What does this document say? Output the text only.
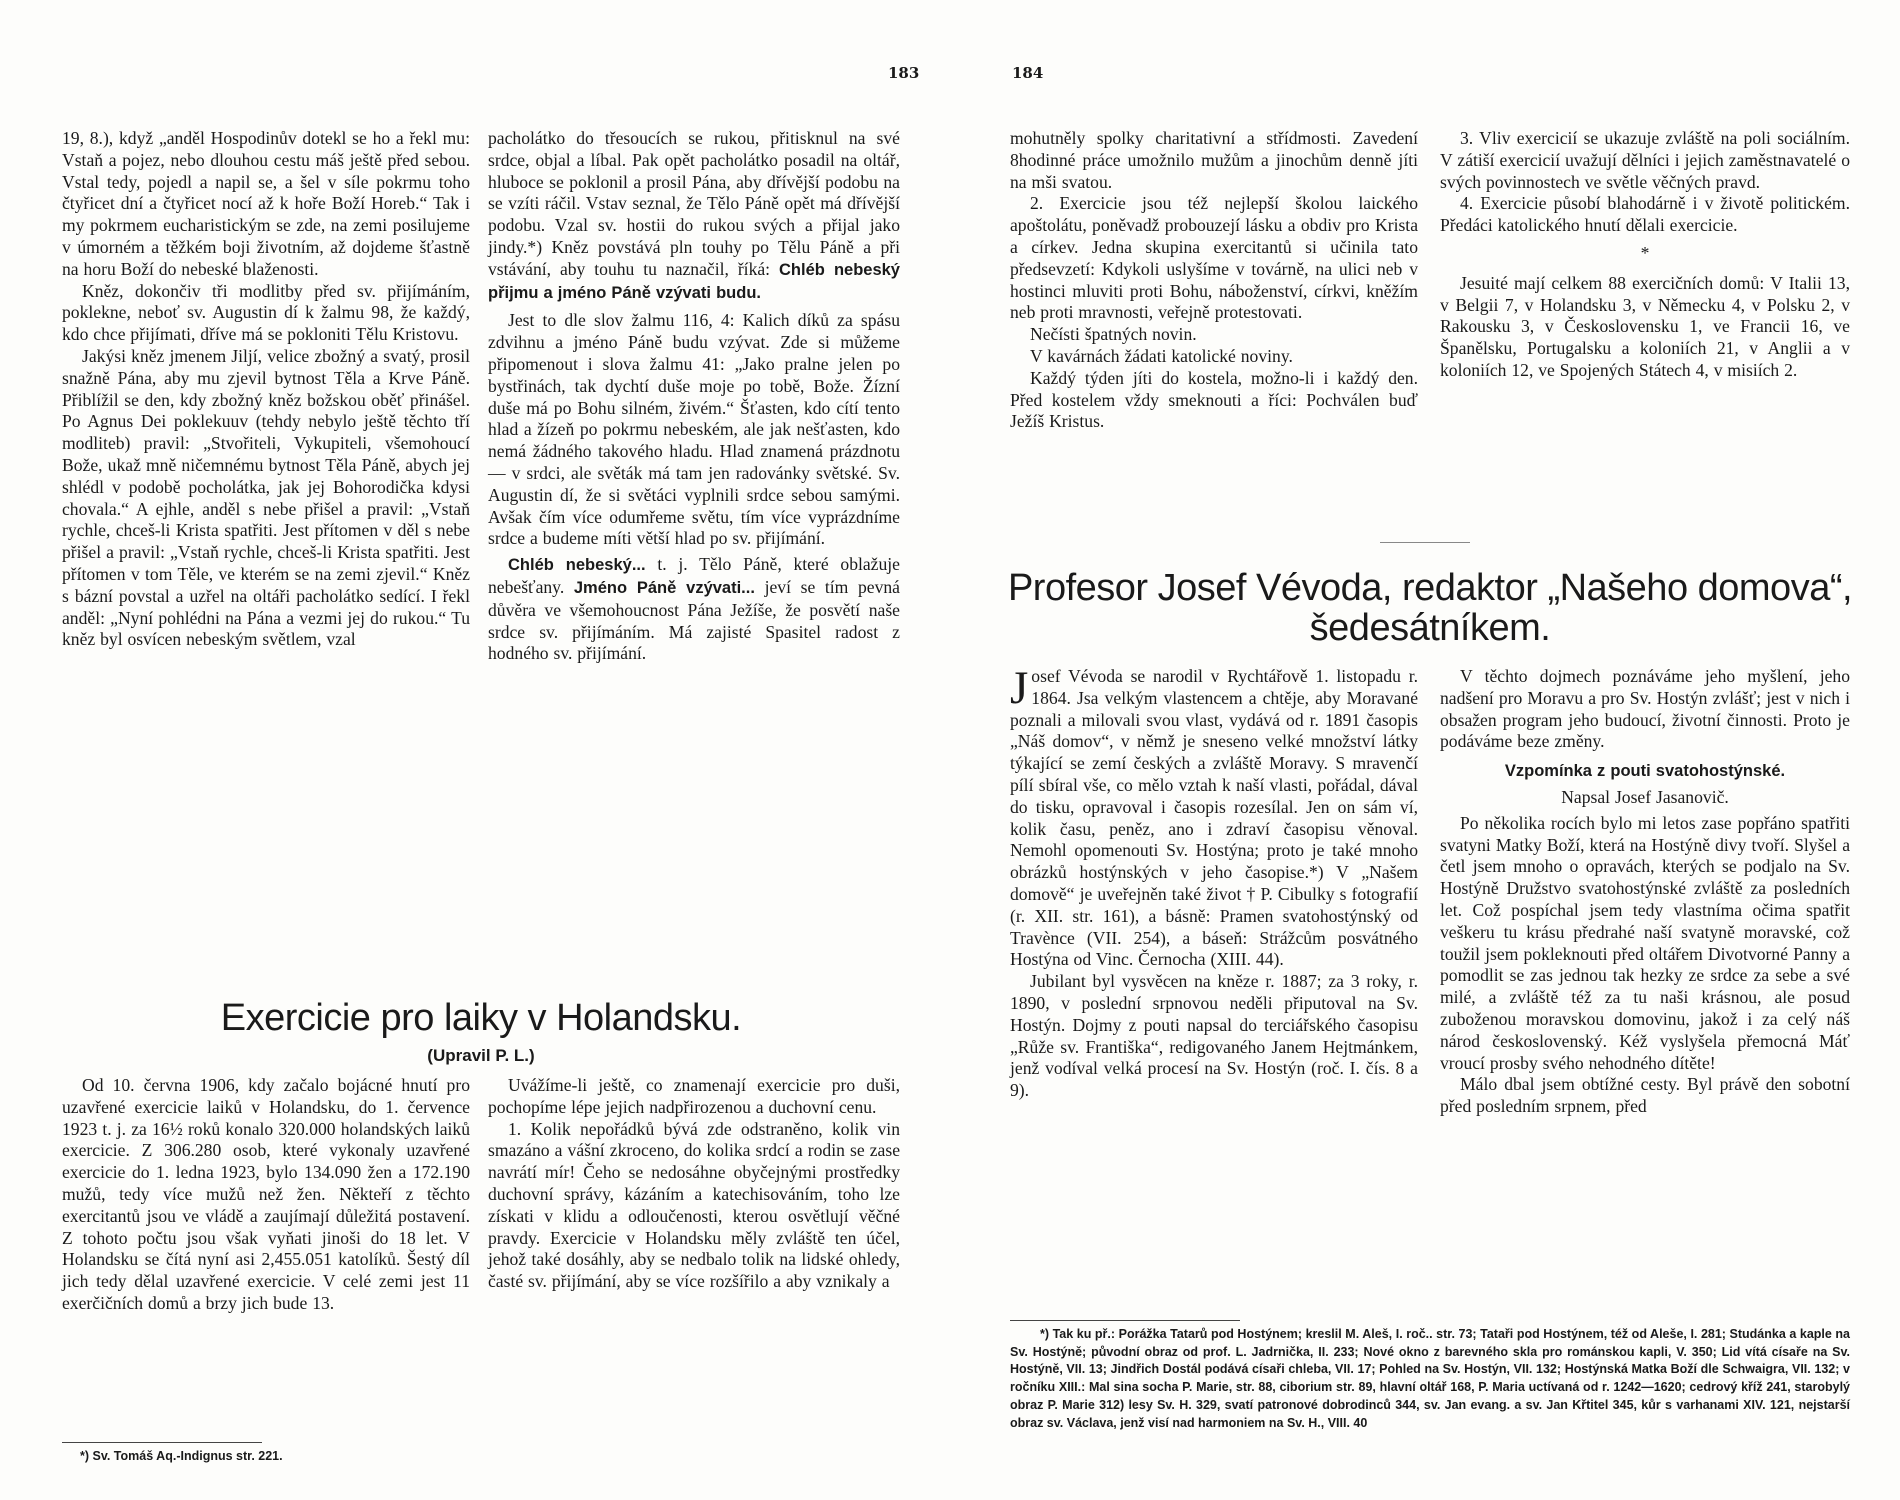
183	184

19, 8.), když „anděl Hospodinův dotekl se ho a řekl mu: Vstaň a pojez, nebo dlouhou cestu máš ještě před sebou. Vstal tedy, pojedl a napil se, a šel v síle pokrmu toho čtyřicet dní a čtyřicet nocí až k hoře Boží Horeb.“ Tak i my pokrmem eucharistickým se zde, na zemi posilujeme v úmorném a těžkém boji životním, až dojdeme šťastně na horu Boží do nebeské blaženosti.

Kněz, dokončiv tři modlitby před sv. přijímáním, poklekne, neboť sv. Augustin dí k žalmu 98, že každý, kdo chce přijímati, dříve má se pokloniti Tělu Kristovu.

Jakýsi kněz jmenem Jiljí, velice zbožný a svatý, prosil snažně Pána, aby mu zjevil bytnost Těla a Krve Páně. Přiblížil se den, kdy zbožný kněz božskou oběť přinášel. Po Agnus Dei poklekuuv (tehdy nebylo ještě těchto tří modliteb) pravil: „Stvořiteli, Vykupiteli, všemohoucí Bože, ukaž mně ničemnému bytnost Těla Páně, abych jej shlédl v podobě pocholátka, jak jej Bohorodička kdysi chovala.“ A ejhle, anděl s nebe přišel a pravil: „Vstaň rychle, chceš-li Krista spatřiti. Jest přítomen v děl s nebe přišel a pravil: „Vstaň rychle, chceš-li Krista spatřiti. Jest přítomen v tom Těle, ve kterém se na zemi zjevil.“ Kněz s bázní povstal a uzřel na oltáři pacholátko sedící. I řekl anděl: „Nyní pohlédni na Pána a vezmi jej do rukou.“ Tu kněz byl osvícen nebeským světlem, vzal

pacholátko do třesoucích se rukou, přitisknul na své srdce, objal a líbal. Pak opět pacholátko posadil na oltář, hluboce se poklonil a prosil Pána, aby dřívější podobu na se vzíti ráčil. Vstav seznal, že Tělo Páně opět má dřívější podobu. Vzal sv. hostii do rukou svých a přijal jako jindy.*) Kněz povstává pln touhy po Tělu Páně a při vstávání, aby touhu tu naznačil, říká: Chléb nebeský přijmu a jméno Páně vzývati budu.

Jest to dle slov žalmu 116, 4: Kalich díků za spásu zdvihnu a jméno Páně budu vzývat. Zde si můžeme připomenout i slova žalmu 41: „Jako pralne jelen po bystřinách, tak dychtí duše moje po tobě, Bože. Žízní duše má po Bohu silném, živém.“ Šťasten, kdo cítí tento hlad a žízeň po pokrmu nebeském, ale jak nešťasten, kdo nemá žádného takového hladu. Hlad znamená prázdnotu — v srdci, ale světák má tam jen radovánky světské. Sv. Augustin dí, že si světáci vyplnili srdce sebou samými. Avšak čím více odumřeme světu, tím více vyprázdníme srdce a budeme míti větší hlad po sv. přijímání.

Chléb nebeský... t. j. Tělo Páně, které oblažuje nebešťany. Jméno Páně vzývati... jeví se tím pevná důvěra ve všemohoucnost Pána Ježíše, že posvětí naše srdce sv. přijímáním. Má zajisté Spasitel radost z hodného sv. přijímání.

Exercicie pro laiky v Holandsku.
(Upravil P. L.)

Od 10. června 1906, kdy začalo bojácné hnutí pro uzavřené exercicie laiků v Holandsku, do 1. července 1923 t. j. za 16½ roků konalo 320.000 holandských laiků exercicie. Z 306.280 osob, které vykonaly uzavřené exercicie do 1. ledna 1923, bylo 134.090 žen a 172.190 mužů, tedy více mužů než žen. Někteří z těchto exercitantů jsou ve vládě a zaujímají důležitá postavení. Z tohoto počtu jsou však vyňati jinoši do 18 let. V Holandsku se čítá nyní asi 2,455.051 katolíků. Šestý díl jich tedy dělal uzavřené exercicie. V celé zemi jest 11 exerčičních domů a brzy jich bude 13.

Uvážíme-li ještě, co znamenají exercicie pro duši, pochopíme lépe jejich nadpřirozenou a duchovní cenu.

1. Kolik nepořádků bývá zde odstraněno, kolik vin smazáno a vášní zkroceno, do kolika srdcí a rodin se zase navrátí mír! Čeho se nedosáhne obyčejnými prostředky duchovní správy, kázáním a katechisováním, toho lze získati v klidu a odloučenosti, kterou osvětlují věčné pravdy. Exercicie v Holandsku měly zvláště ten účel, jehož také dosáhly, aby se nedbalo tolik na lidské ohledy, časté sv. přijímání, aby se více rozšířilo a aby vznikaly a

*) Sv. Tomáš Aq.-Indignus str. 221.

mohutněly spolky charitativní a střídmosti. Zavedení 8hodinné práce umožnilo mužům a jinochům denně jíti na mši svatou.

2. Exercicie jsou též nejlepší školou laického apoštolátu, poněvadž probouzejí lásku a obdiv pro Krista a církev. Jedna skupina exercitantů si učinila tato předsevzetí: Kdykoli uslyšíme v továrně, na ulici neb v hostinci mluviti proti Bohu, náboženství, církvi, kněžím neb proti mravnosti, veřejně protestovati.

Nečísti špatných novin.

V kavárnách žádati katolické noviny.

Každý týden jíti do kostela, možno-li i každý den. Před kostelem vždy smeknouti a říci: Pochválen buď Ježíš Kristus.

3. Vliv exercicií se ukazuje zvláště na poli sociálním. V zátiší exercicií uvažují dělníci i jejich zaměstnavatelé o svých povinnostech ve světle věčných pravd.

4. Exercicie působí blahodárně i v životě politickém. Předáci katolického hnutí dělali exercicie.

*

Jesuité mají celkem 88 exercičních domů: V Italii 13, v Belgii 7, v Holandsku 3, v Německu 4, v Polsku 2, v Rakousku 3, v Československu 1, ve Francii 16, ve Španělsku, Portugalsku a koloniích 21, v Anglii a v koloniích 12, ve Spojených Státech 4, v misiích 2.

Profesor Josef Vévoda, redaktor „Našeho domova“,
šedesátníkem.

Josef Vévoda se narodil v Rychtářově 1. listopadu r. 1864. Jsa velkým vlastencem a chtěje, aby Moravané poznali a milovali svou vlast, vydává od r. 1891 časopis „Náš domov“, v němž je sneseno velké množství látky týkající se zemí českých a zvláště Moravy. S mravenčí pílí sbíral vše, co mělo vztah k naší vlasti, pořádal, dával do tisku, opravoval i časopis rozesílal. Jen on sám ví, kolik času, peněz, ano i zdraví časopisu věnoval. Nemohl opomenouti Sv. Hostýna; proto je také mnoho obrázků hostýnských v jeho časopise.*) V „Našem domově“ je uveřejněn také život † P. Cibulky s fotografií (r. XII. str. 161), a básně: Pramen svatohostýnský od Travènce (VII. 254), a báseň: Strážcům posvátného Hostýna od Vinc. Černocha (XIII. 44).

Jubilant byl vysvěcen na kněze r. 1887; za 3 roky, r. 1890, v poslední srpnovou neděli připutoval na Sv. Hostýn. Dojmy z pouti napsal do terciářského časopisu „Růže sv. Františka“, redigovaného Janem Hejtmánkem, jenž vodíval velká procesí na Sv. Hostýn (roč. I. čís. 8 a 9).

V těchto dojmech poznáváme jeho myšlení, jeho nadšení pro Moravu a pro Sv. Hostýn zvlášť; jest v nich i obsažen program jeho budoucí, životní činnosti. Proto je podáváme beze změny.

Vzpomínka z pouti svatohostýnské.
Napsal Josef Jasanovič.

Po několika rocích bylo mi letos zase popřáno spatřiti svatyni Matky Boží, která na Hostýně divy tvoří. Slyšel a četl jsem mnoho o opravách, kterých se podjalo na Sv. Hostýně Družstvo svatohostýnské zvláště za posledních let. Což pospíchal jsem tedy vlastníma očima spatřit veškeru tu krásu předrahé naší svatyně moravské, což toužil jsem pokleknouti před oltářem Divotvorné Panny a pomodlit se zas jednou tak hezky ze srdce za sebe a své milé, a zvláště též za tu naši krásnou, ale posud zuboženou moravskou domovinu, jakož i za celý náš národ československý. Kéž vyslyšela přemocná Máť vroucí prosby svého nehodného dítěte!

Málo dbal jsem obtížné cesty. Byl právě den sobotní před posledním srpnem, před

*) Tak ku př.: Porážka Tatarů pod Hostýnem; kreslil M. Aleš, I. roč.. str. 73; Tataři pod Hostýnem, též od Aleše, I. 281; Studánka a kaple na Sv. Hostýně; původní obraz od prof. L. Jadrnička, II. 233; Nové okno z barevného skla pro románskou kapli, V. 350; Lid vítá císaře na Sv. Hostýně, VII. 13; Jindřich Dostál podává císaři chleba, VII. 17; Pohled na Sv. Hostýn, VII. 132; Hostýnská Matka Boží dle Schwaigra, VII. 132; v ročníku XIII.: Mal sina socha P. Marie, str. 88, ciborium str. 89, hlavní oltář 168, P. Maria uctívaná od r. 1242—1620; cedrový kříž 241, starobylý obraz P. Marie 312) lesy Sv. H. 329, svatí patronové dobrodinců 344, sv. Jan evang. a sv. Jan Křtitel 345, kůr s varhanami XIV. 121, nejstarší obraz sv. Václava, jenž visí nad harmoniem na Sv. H., VIII. 40
